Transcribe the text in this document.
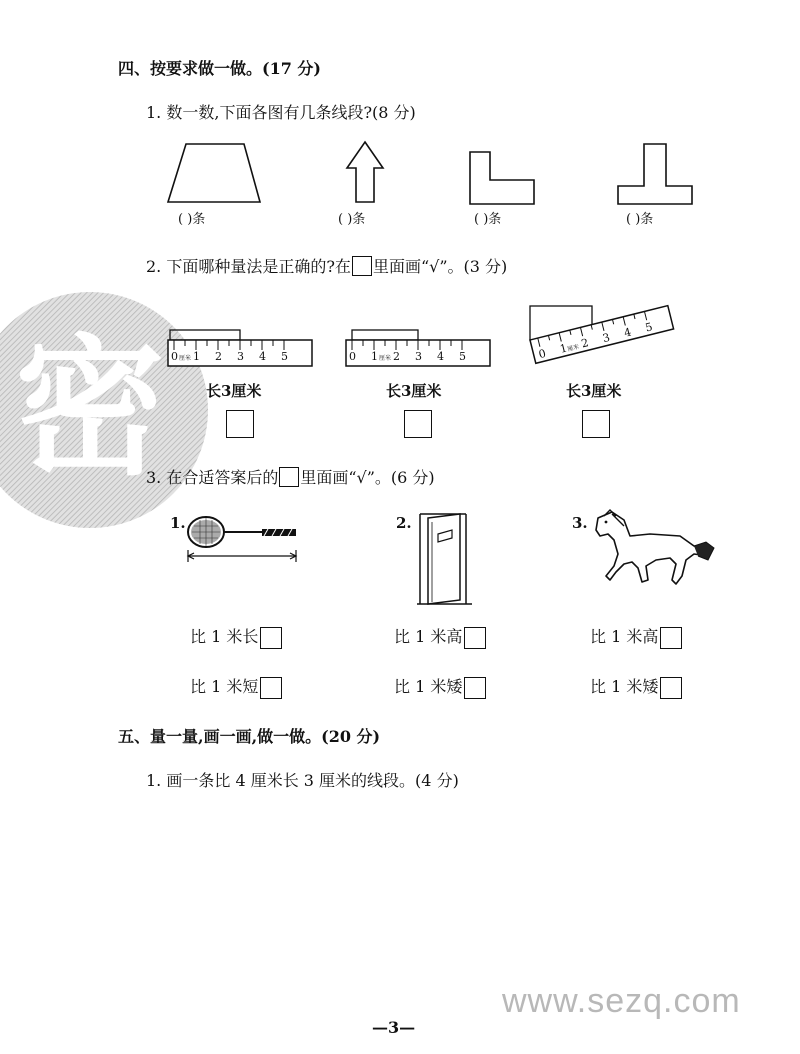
密
四、按要求做一做。(17 分)
1. 数一数,下面各图有几条线段?(8 分)
( )条	( )条	( )条	( )条
2. 下面哪种量法是正确的?在 里面画“√”。(3 分)
0 厘米 1 2 3 4 5	0 1 厘米 2 3 4 5	0 1
厘米 2 3 4 5
长3厘米	长3厘米	长3厘米
3. 在合适答案后的 里面画“√”。(6 分)
1.	2.	3.
比 1 米长	比 1 米高	比 1 米高
比 1 米短	比 1 米矮	比 1 米矮
五、量一量,画一画,做一做。(20 分)
1. 画一条比 4 厘米长 3 厘米的线段。(4 分)
www.sezq.com
—3—
